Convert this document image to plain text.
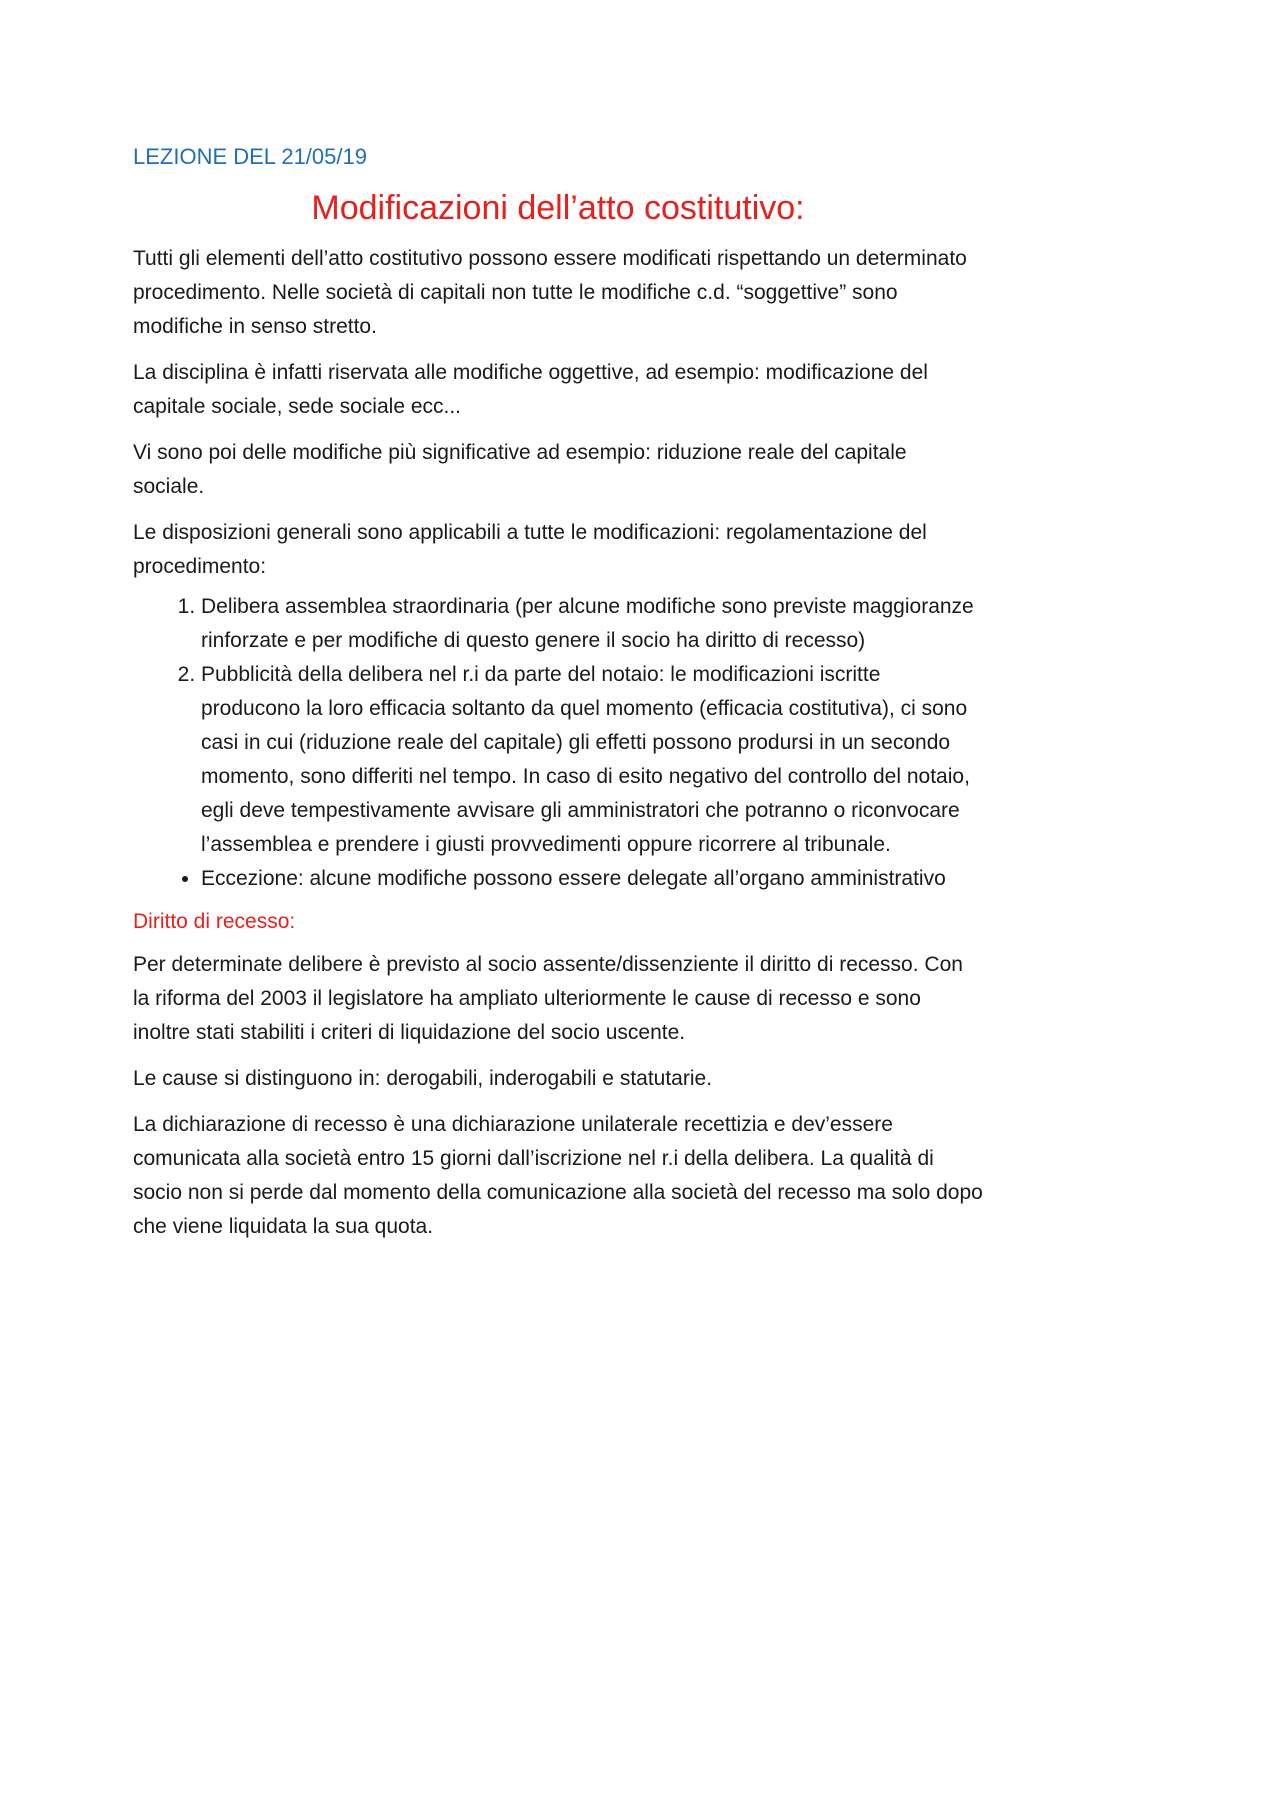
LEZIONE DEL 21/05/19
Modificazioni dell’atto costitutivo:

Tutti gli elementi dell’atto costitutivo possono essere modificati rispettando un determinato procedimento. Nelle società di capitali non tutte le modifiche c.d. “soggettive” sono modifiche in senso stretto.

La disciplina è infatti riservata alle modifiche oggettive, ad esempio: modificazione del capitale sociale, sede sociale ecc...

Vi sono poi delle modifiche più significative ad esempio: riduzione reale del capitale sociale.

Le disposizioni generali sono applicabili a tutte le modificazioni: regolamentazione del procedimento:

1. Delibera assemblea straordinaria (per alcune modifiche sono previste maggioranze rinforzate e per modifiche di questo genere il socio ha diritto di recesso)
2. Pubblicità della delibera nel r.i da parte del notaio: le modificazioni iscritte producono la loro efficacia soltanto da quel momento (efficacia costitutiva), ci sono casi in cui (riduzione reale del capitale) gli effetti possono prodursi in un secondo momento, sono differiti nel tempo. In caso di esito negativo del controllo del notaio, egli deve tempestivamente avvisare gli amministratori che potranno o riconvocare l’assemblea e prendere i giusti provvedimenti oppure ricorrere al tribunale.
• Eccezione: alcune modifiche possono essere delegate all’organo amministrativo
Diritto di recesso:

Per determinate delibere è previsto al socio assente/dissenziente il diritto di recesso. Con la riforma del 2003 il legislatore ha ampliato ulteriormente le cause di recesso e sono inoltre stati stabiliti i criteri di liquidazione del socio uscente.

Le cause si distinguono in: derogabili, inderogabili e statutarie.

La dichiarazione di recesso è una dichiarazione unilaterale recettizia e dev’essere comunicata alla società entro 15 giorni dall’iscrizione nel r.i della delibera. La qualità di socio non si perde dal momento della comunicazione alla società del recesso ma solo dopo che viene liquidata la sua quota.
